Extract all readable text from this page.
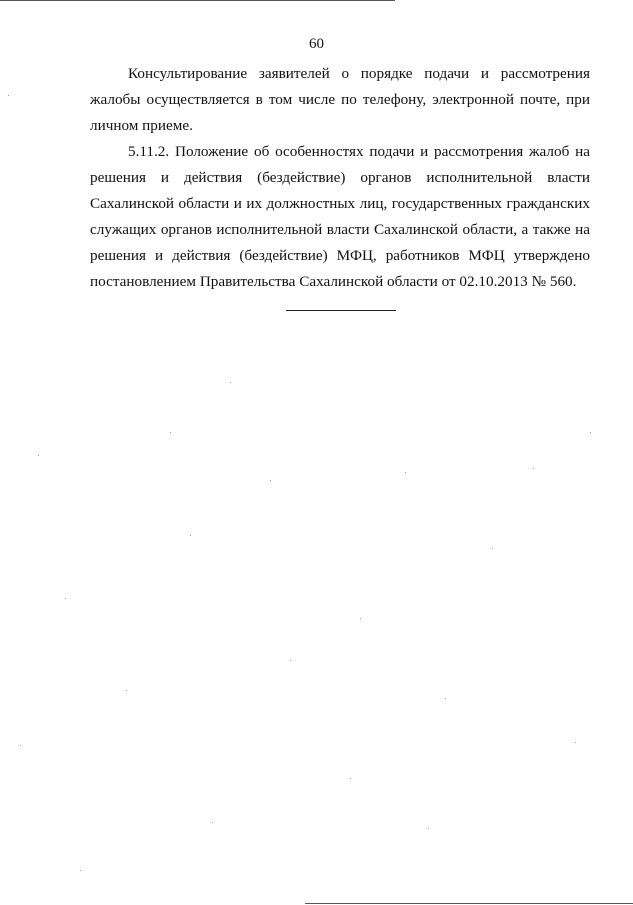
60

Консультирование заявителей о порядке подачи и рассмотрения жалобы осуществляется в том числе по телефону, электронной почте, при личном приеме.

5.11.2. Положение об особенностях подачи и рассмотрения жалоб на решения и действия (бездействие) органов исполнительной власти Сахалинской области и их должностных лиц, государственных гражданских служащих органов исполнительной власти Сахалинской области, а также на решения и действия (бездействие) МФЦ, работников МФЦ утверждено постановлением Правительства Сахалинской области от 02.10.2013 № 560.
